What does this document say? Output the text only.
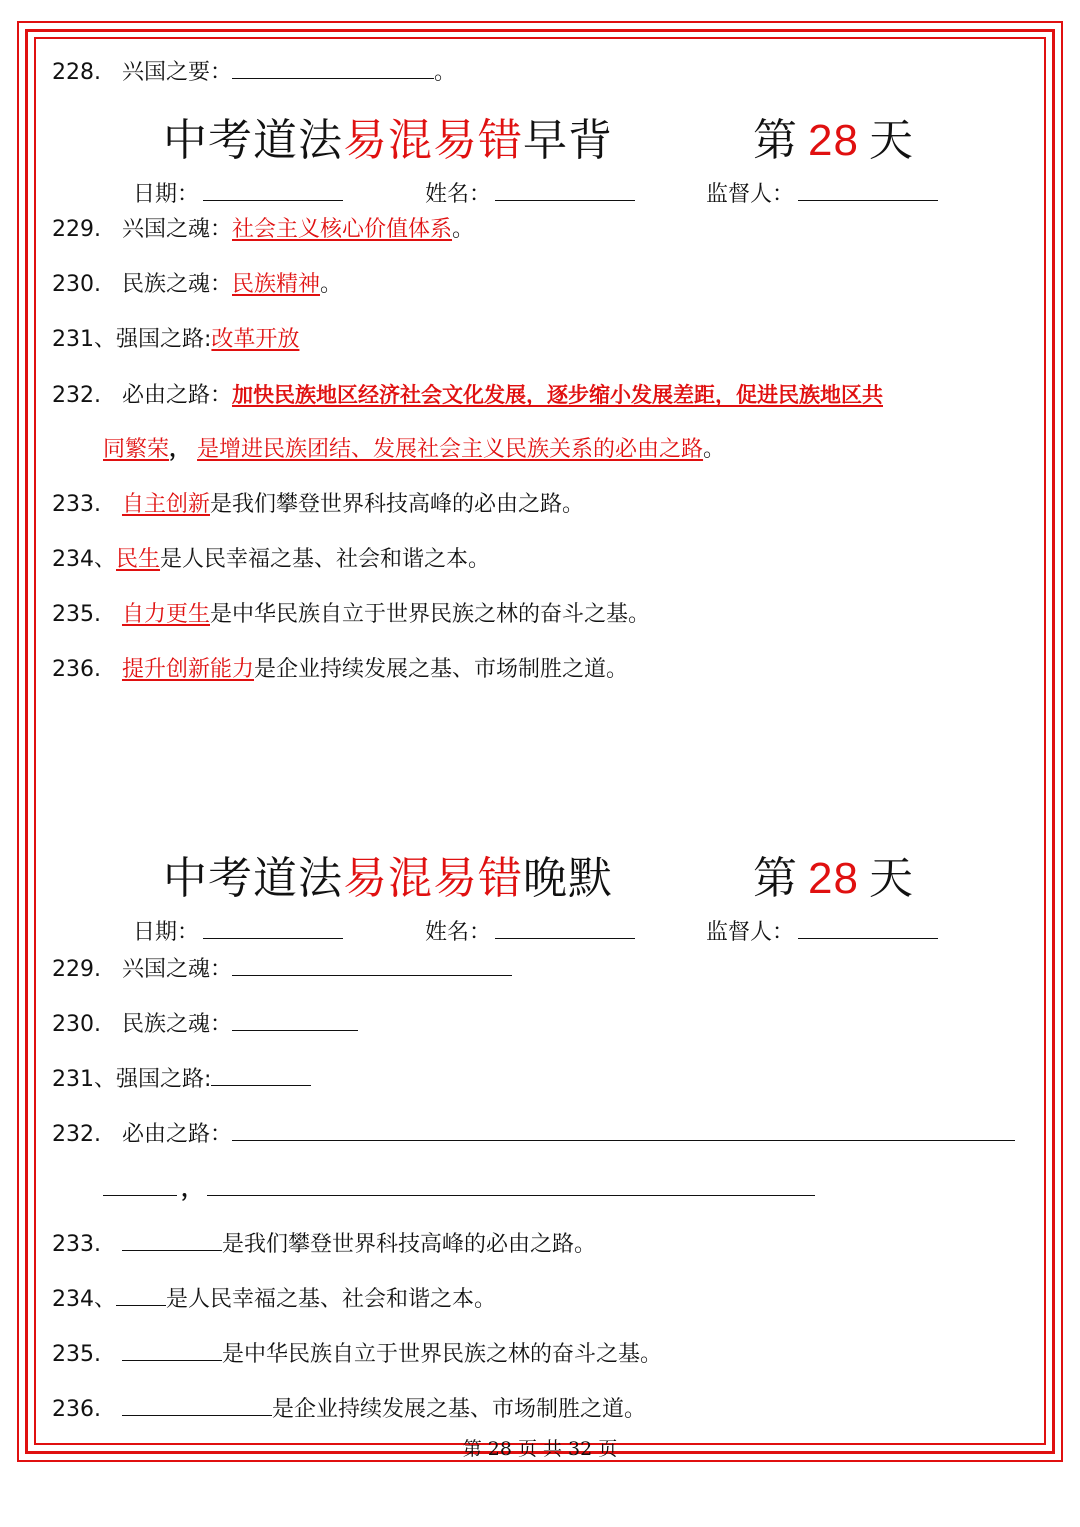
228. 兴国之要：	。
中考道法易混易错早背	第 28 天
日期：	姓名：	监督人：
229. 兴国之魂：社会主义核心价值体系。
230. 民族之魂：民族精神。
231、强国之路:改革开放
232. 必由之路：加快民族地区经济社会文化发展，逐步缩小发展差距，促进民族地区共
同繁荣， 是增进民族团结、发展社会主义民族关系的必由之路。
233. 自主创新是我们攀登世界科技高峰的必由之路。
234、民生是人民幸福之基、社会和谐之本。
235. 自力更生是中华民族自立于世界民族之林的奋斗之基。
236. 提升创新能力是企业持续发展之基、市场制胜之道。
中考道法易混易错晚默	第 28 天
日期：	姓名：	监督人：
229. 兴国之魂：
230. 民族之魂：
231、强国之路:
232. 必由之路：
，
233.	是我们攀登世界科技高峰的必由之路。
234、 是人民幸福之基、社会和谐之本。
235.	是中华民族自立于世界民族之林的奋斗之基。
236.	是企业持续发展之基、市场制胜之道。
第 28 页 共 32 页
